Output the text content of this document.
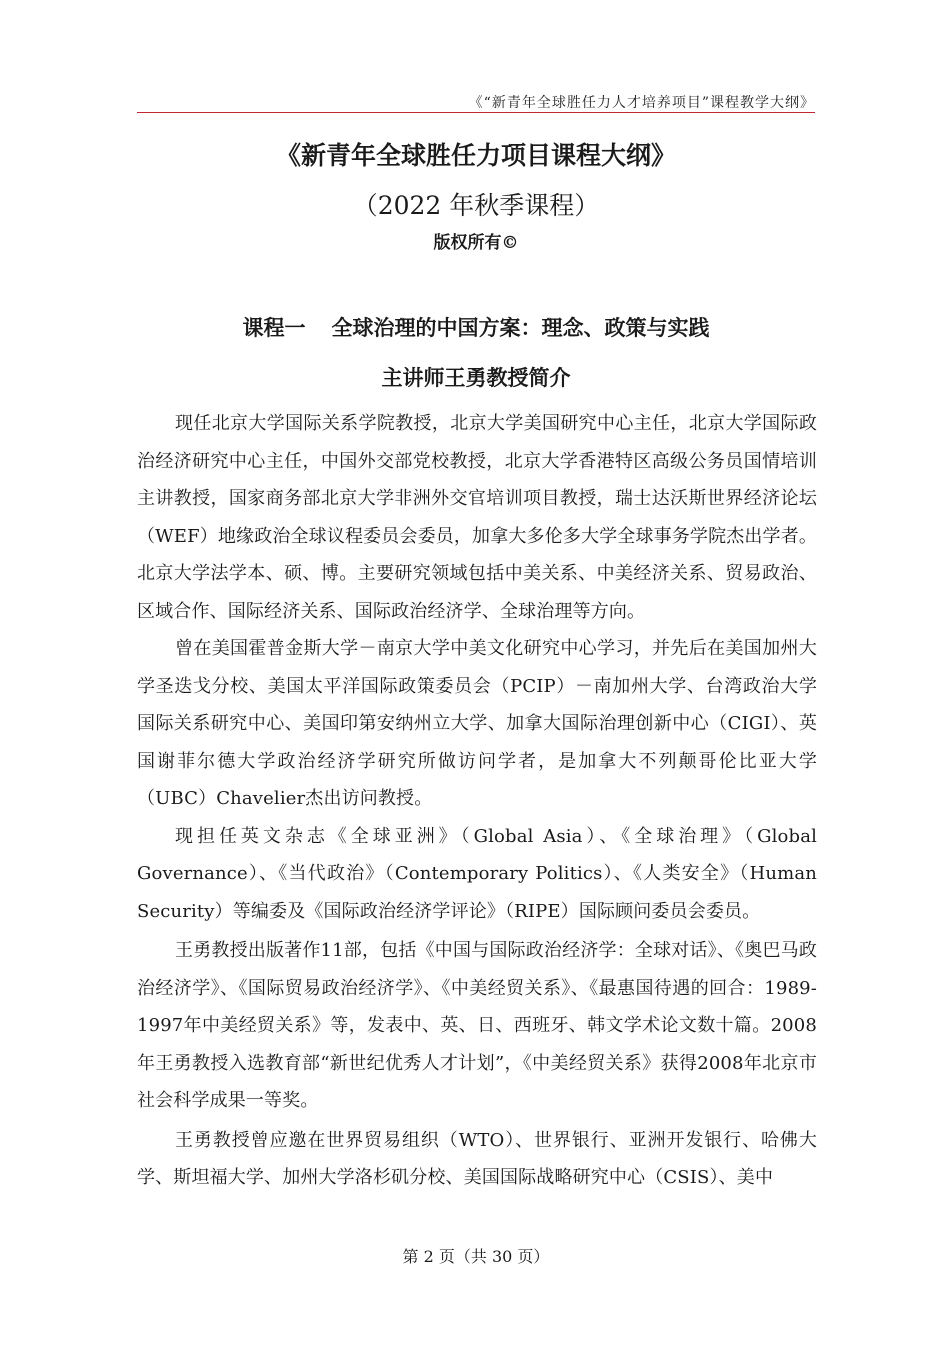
《“新青年全球胜任力人才培养项目”课程教学大纲》
《新青年全球胜任力项目课程大纲》
（2022 年秋季课程）
版权所有©
课程一 全球治理的中国方案：理念、政策与实践
主讲师王勇教授简介

现任北京大学国际关系学院教授，北京大学美国研究中心主任，北京大学国际政治经济研究中心主任，中国外交部党校教授，北京大学香港特区高级公务员国情培训主讲教授，国家商务部北京大学非洲外交官培训项目教授，瑞士达沃斯世界经济论坛（WEF）地缘政治全球议程委员会委员，加拿大多伦多大学全球事务学院杰出学者。北京大学法学本、硕、博。主要研究领域包括中美关系、中美经济关系、贸易政治、区域合作、国际经济关系、国际政治经济学、全球治理等方向。

曾在美国霍普金斯大学－南京大学中美文化研究中心学习，并先后在美国加州大学圣迭戈分校、美国太平洋国际政策委员会（PCIP）－南加州大学、台湾政治大学国际关系研究中心、美国印第安纳州立大学、加拿大国际治理创新中心（CIGI）、英国谢菲尔德大学政治经济学研究所做访问学者，是加拿大不列颠哥伦比亚大学（UBC）Chavelier杰出访问教授。

现担任英文杂志《全球亚洲》（Global Asia）、《全球治理》（Global Governance）、《当代政治》（Contemporary Politics）、《人类安全》（Human Security）等编委及《国际政治经济学评论》（RIPE）国际顾问委员会委员。

王勇教授出版著作11部，包括《中国与国际政治经济学：全球对话》、《奥巴马政治经济学》、《国际贸易政治经济学》、《中美经贸关系》、《最惠国待遇的回合：1989-1997年中美经贸关系》等，发表中、英、日、西班牙、韩文学术论文数十篇。2008年王勇教授入选教育部“新世纪优秀人才计划”，《中美经贸关系》获得2008年北京市社会科学成果一等奖。

王勇教授曾应邀在世界贸易组织（WTO）、世界银行、亚洲开发银行、哈佛大学、斯坦福大学、加州大学洛杉矶分校、美国国际战略研究中心（CSIS）、美中

第 2 页（共 30 页）
